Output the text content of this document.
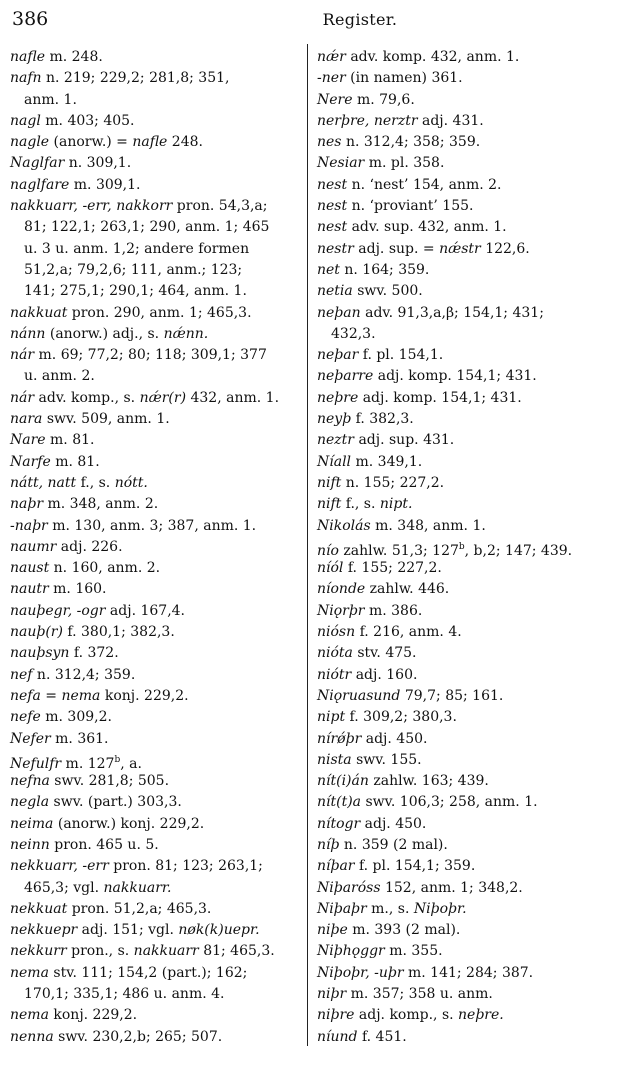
386	Register.
nafle m. 248.
nafn n. 219; 229,2; 281,8; 351,
anm. 1.
nagl m. 403; 405.
nagle (anorw.) = nafle 248.
Naglfar n. 309,1.
naglfare m. 309,1.
nakkuarr, -err, nakkorr pron. 54,3,a;
81; 122,1; 263,1; 290, anm. 1; 465
u. 3 u. anm. 1,2; andere formen
51,2,a; 79,2,6; 111, anm.; 123;
141; 275,1; 290,1; 464, anm. 1.
nakkuat pron. 290, anm. 1; 465,3.
nánn (anorw.) adj., s. nǽnn.
nár m. 69; 77,2; 80; 118; 309,1; 377
u. anm. 2.
nár adv. komp., s. nǽr(r) 432, anm. 1.
nara swv. 509, anm. 1.
Nare m. 81.
Narfe m. 81.
nátt, natt f., s. nótt.
naþr m. 348, anm. 2.
-naþr m. 130, anm. 3; 387, anm. 1.
naumr adj. 226.
naust n. 160, anm. 2.
nautr m. 160.
nauþegr, -ogr adj. 167,4.
nauþ(r) f. 380,1; 382,3.
nauþsyn f. 372.
nef n. 312,4; 359.
nefa = nema konj. 229,2.
nefe m. 309,2.
Nefer m. 361.
Nefulfr m. 127$^b$, a.
nefna swv. 281,8; 505.
negla swv. (part.) 303,3.
neima (anorw.) konj. 229,2.
neinn pron. 465 u. 5.
nekkuarr, -err pron. 81; 123; 263,1;
465,3; vgl. nakkuarr.
nekkuat pron. 51,2,a; 465,3.
nekkuepr adj. 151; vgl. nøk(k)uepr.
nekkurr pron., s. nakkuarr 81; 465,3.
nema stv. 111; 154,2 (part.); 162;
170,1; 335,1; 486 u. anm. 4.
nema konj. 229,2.
nenna swv. 230,2,b; 265; 507.
nǽr adv. komp. 432, anm. 1.
-ner (in namen) 361.
Nere m. 79,6.
nerþre, nerztr adj. 431.
nes n. 312,4; 358; 359.
Nesiar m. pl. 358.
nest n. ‘nest’ 154, anm. 2.
nest n. ‘proviant’ 155.
nest adv. sup. 432, anm. 1.
nestr adj. sup. = nǽstr 122,6.
net n. 164; 359.
netia swv. 500.
neþan adv. 91,3,a,β; 154,1; 431;
432,3.
neþar f. pl. 154,1.
neþarre adj. komp. 154,1; 431.
neþre adj. komp. 154,1; 431.
neyþ f. 382,3.
neztr adj. sup. 431.
Níall m. 349,1.
nift n. 155; 227,2.
nift f., s. nipt.
Nikolás m. 348, anm. 1.
nío zahlw. 51,3; 127$^b$, b,2; 147; 439.
níól f. 155; 227,2.
níonde zahlw. 446.
Niǫrþr m. 386.
niósn f. 216, anm. 4.
nióta stv. 475.
niótr adj. 160.
Niǫruasund 79,7; 85; 161.
nipt f. 309,2; 380,3.
nírǿþr adj. 450.
nista swv. 155.
nít(i)án zahlw. 163; 439.
nít(t)a swv. 106,3; 258, anm. 1.
nítogr adj. 450.
níþ n. 359 (2 mal).
níþar f. pl. 154,1; 359.
Niþaróss 152, anm. 1; 348,2.
Niþaþr m., s. Niþoþr.
niþe m. 393 (2 mal).
Niþhǫggr m. 355.
Niþoþr, -uþr m. 141; 284; 387.
niþr m. 357; 358 u. anm.
niþre adj. komp., s. neþre.
níund f. 451.
